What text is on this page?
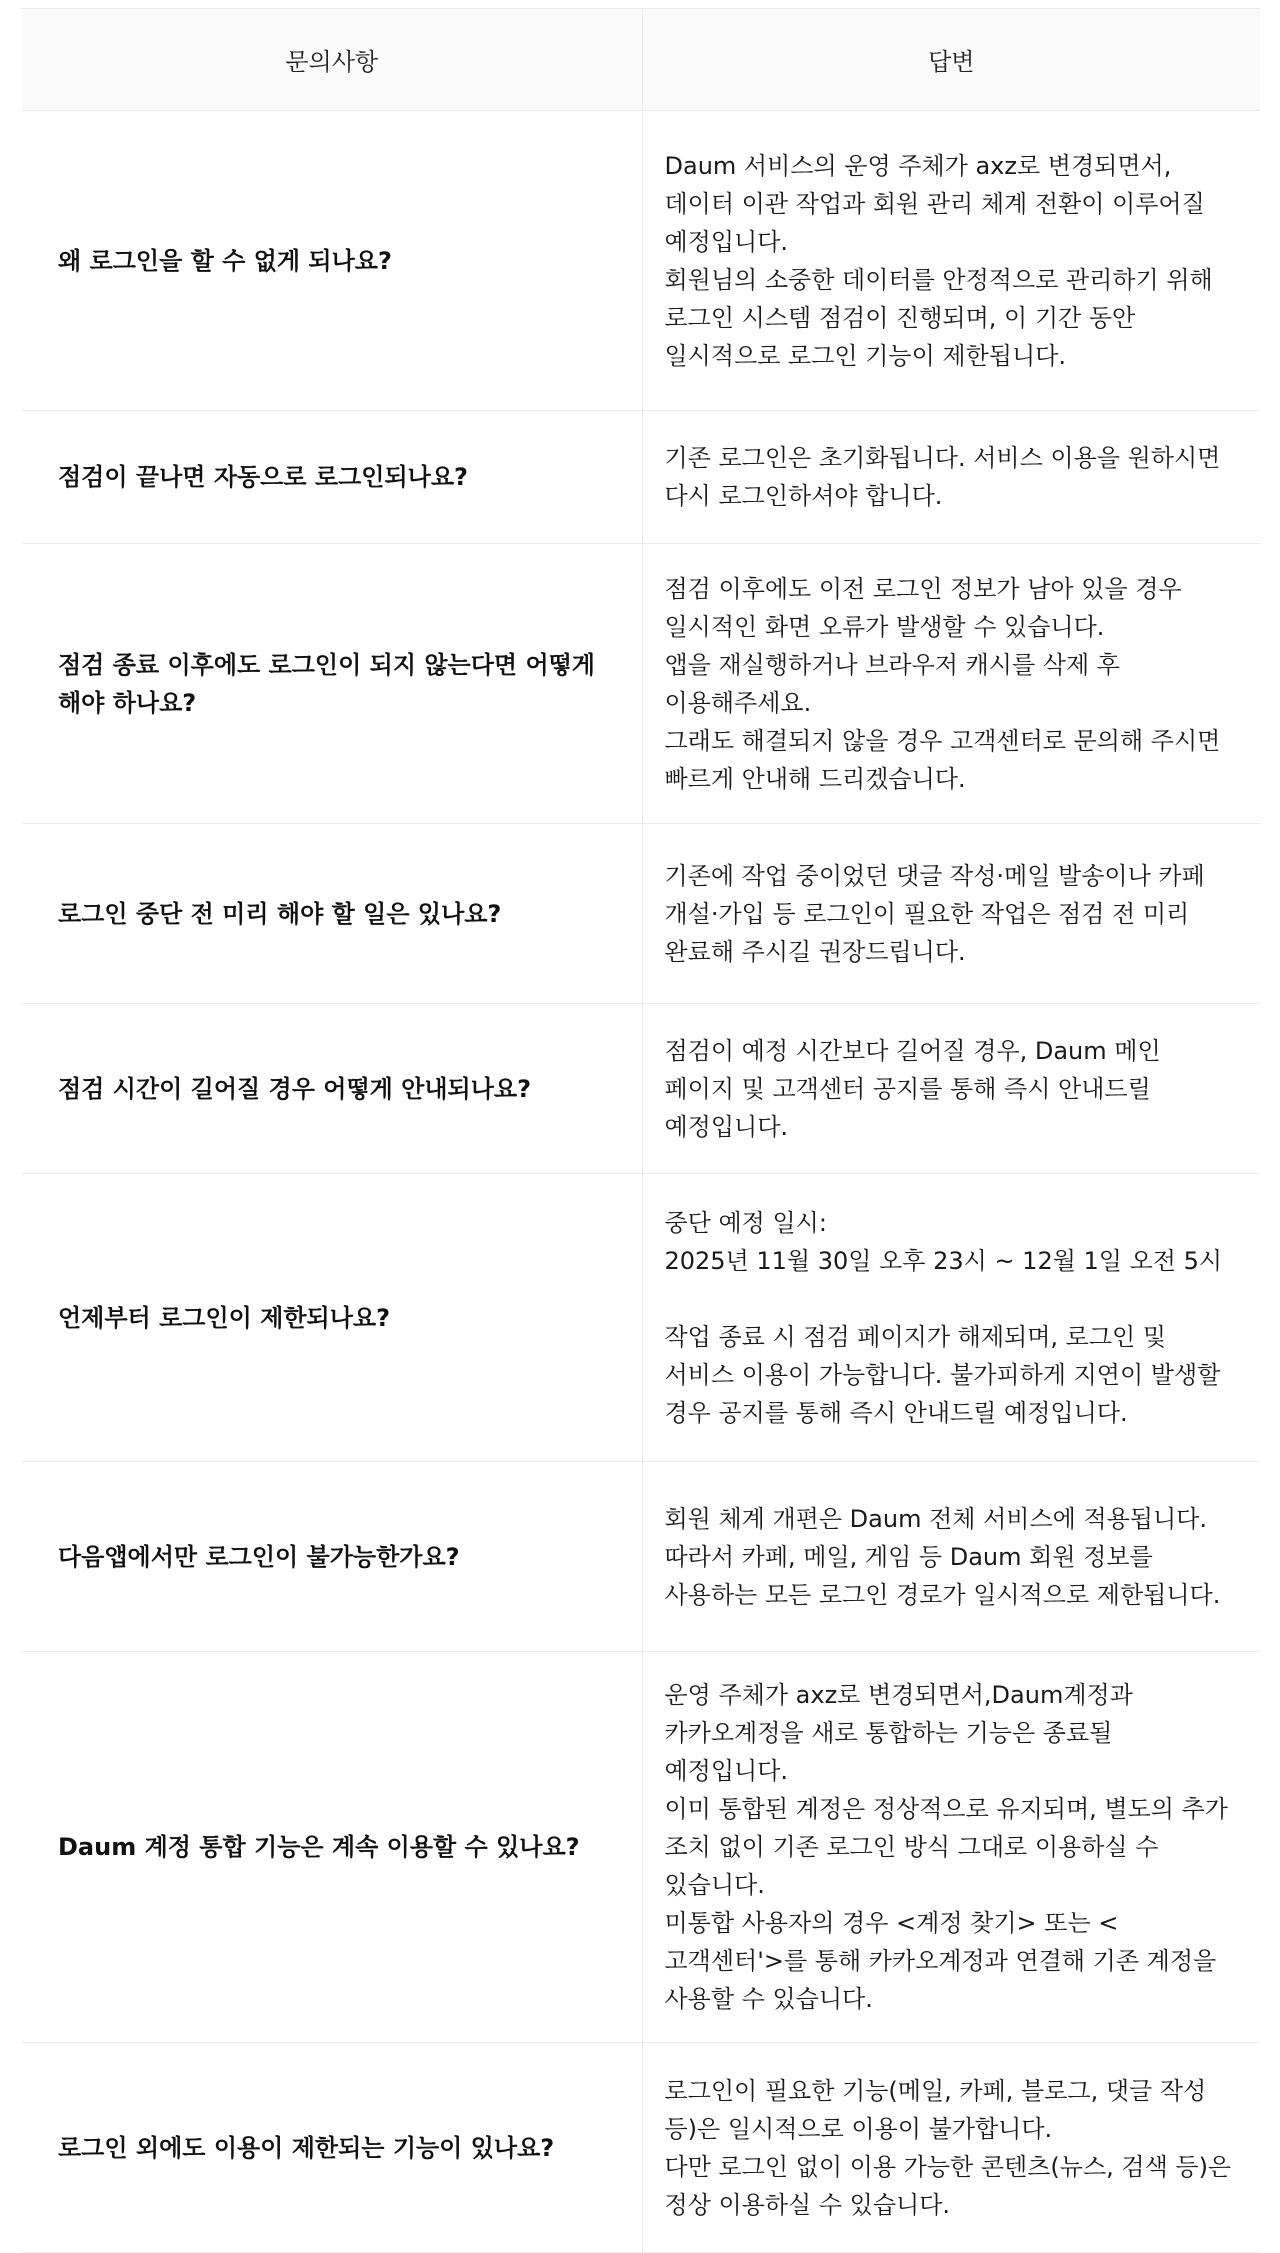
문의사항	답변
왜 로그인을 할 수 없게 되나요?	Daum 서비스의 운영 주체가 axz로 변경되면서, 데이터 이관 작업과 회원 관리 체계 전환이 이루어질 예정입니다.
회원님의 소중한 데이터를 안정적으로 관리하기 위해 로그인 시스템 점검이 진행되며, 이 기간 동안 일시적으로 로그인 기능이 제한됩니다.
점검이 끝나면 자동으로 로그인되나요?	기존 로그인은 초기화됩니다. 서비스 이용을 원하시면 다시 로그인하셔야 합니다.
점검 종료 이후에도 로그인이 되지 않는다면 어떻게 해야 하나요?	점검 이후에도 이전 로그인 정보가 남아 있을 경우 일시적인 화면 오류가 발생할 수 있습니다.
앱을 재실행하거나 브라우저 캐시를 삭제 후 이용해주세요.
그래도 해결되지 않을 경우 고객센터로 문의해 주시면 빠르게 안내해 드리겠습니다.
로그인 중단 전 미리 해야 할 일은 있나요?	기존에 작업 중이었던 댓글 작성·메일 발송이나 카페 개설·가입 등 로그인이 필요한 작업은 점검 전 미리 완료해 주시길 권장드립니다.
점검 시간이 길어질 경우 어떻게 안내되나요?	점검이 예정 시간보다 길어질 경우, Daum 메인 페이지 및 고객센터 공지를 통해 즉시 안내드릴 예정입니다.
언제부터 로그인이 제한되나요?	중단 예정 일시:
2025년 11월 30일 오후 23시 ~ 12월 1일 오전 5시

작업 종료 시 점검 페이지가 해제되며, 로그인 및 서비스 이용이 가능합니다. 불가피하게 지연이 발생할 경우 공지를 통해 즉시 안내드릴 예정입니다.
다음앱에서만 로그인이 불가능한가요?	회원 체계 개편은 Daum 전체 서비스에 적용됩니다. 따라서 카페, 메일, 게임 등 Daum 회원 정보를 사용하는 모든 로그인 경로가 일시적으로 제한됩니다.
Daum 계정 통합 기능은 계속 이용할 수 있나요?	운영 주체가 axz로 변경되면서,Daum계정과 카카오계정을 새로 통합하는 기능은 종료될 예정입니다.
이미 통합된 계정은 정상적으로 유지되며, 별도의 추가 조치 없이 기존 로그인 방식 그대로 이용하실 수 있습니다.
미통합 사용자의 경우 <계정 찾기> 또는 <고객센터'>를 통해 카카오계정과 연결해 기존 계정을 사용할 수 있습니다.
로그인 외에도 이용이 제한되는 기능이 있나요?	로그인이 필요한 기능(메일, 카페, 블로그, 댓글 작성 등)은 일시적으로 이용이 불가합니다.
다만 로그인 없이 이용 가능한 콘텐츠(뉴스, 검색 등)은 정상 이용하실 수 있습니다.
